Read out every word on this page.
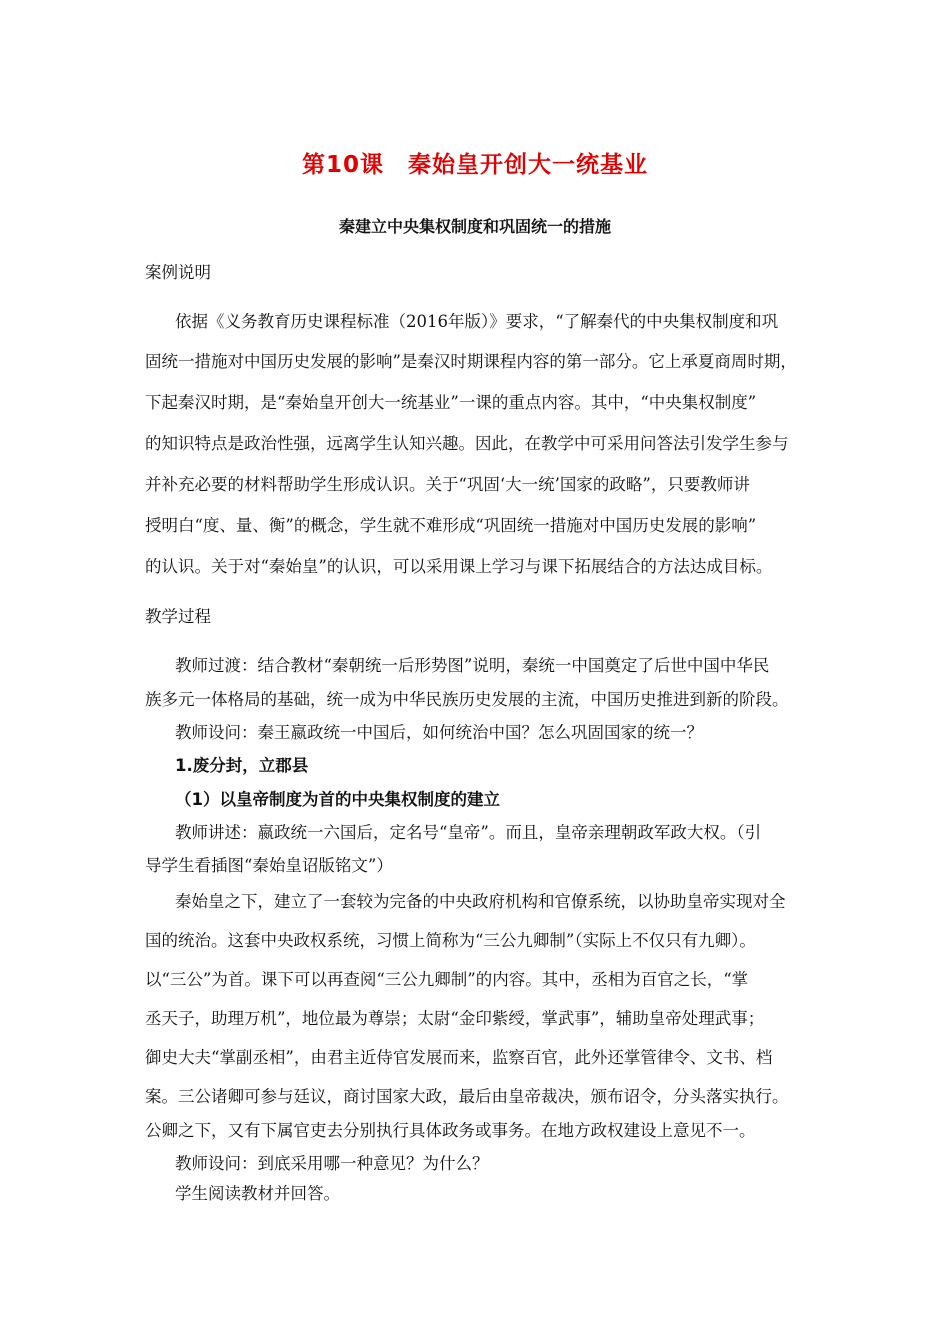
第10课　秦始皇开创大一统基业
秦建立中央集权制度和巩固统一的措施
案例说明
依据《义务教育历史课程标准（2016年版）》要求，“了解秦代的中央集权制度和巩
固统一措施对中国历史发展的影响”是秦汉时期课程内容的第一部分。它上承夏商周时期，
下起秦汉时期，是“秦始皇开创大一统基业”一课的重点内容。其中，“中央集权制度”
的知识特点是政治性强，远离学生认知兴趣。因此，在教学中可采用问答法引发学生参与
并补充必要的材料帮助学生形成认识。关于“巩固‘大一统’国家的政略”，只要教师讲
授明白“度、量、衡”的概念，学生就不难形成“巩固统一措施对中国历史发展的影响”
的认识。关于对“秦始皇”的认识，可以采用课上学习与课下拓展结合的方法达成目标。
教学过程
教师过渡：结合教材“秦朝统一后形势图”说明，秦统一中国奠定了后世中国中华民
族多元一体格局的基础，统一成为中华民族历史发展的主流，中国历史推进到新的阶段。
教师设问：秦王嬴政统一中国后，如何统治中国？怎么巩固国家的统一？
1.废分封，立郡县
（1）以皇帝制度为首的中央集权制度的建立
教师讲述：嬴政统一六国后，定名号“皇帝”。而且，皇帝亲理朝政军政大权。（引
导学生看插图“秦始皇诏版铭文”）
秦始皇之下，建立了一套较为完备的中央政府机构和官僚系统，以协助皇帝实现对全
国的统治。这套中央政权系统，习惯上简称为“三公九卿制”（实际上不仅只有九卿）。
以“三公”为首。课下可以再查阅“三公九卿制”的内容。其中，丞相为百官之长，“掌
丞天子，助理万机”，地位最为尊崇；太尉“金印紫绶，掌武事”，辅助皇帝处理武事；
御史大夫“掌副丞相”，由君主近侍官发展而来，监察百官，此外还掌管律令、文书、档
案。三公诸卿可参与廷议，商讨国家大政，最后由皇帝裁决，颁布诏令，分头落实执行。
公卿之下，又有下属官吏去分别执行具体政务或事务。在地方政权建设上意见不一。
教师设问：到底采用哪一种意见？为什么？
学生阅读教材并回答。
